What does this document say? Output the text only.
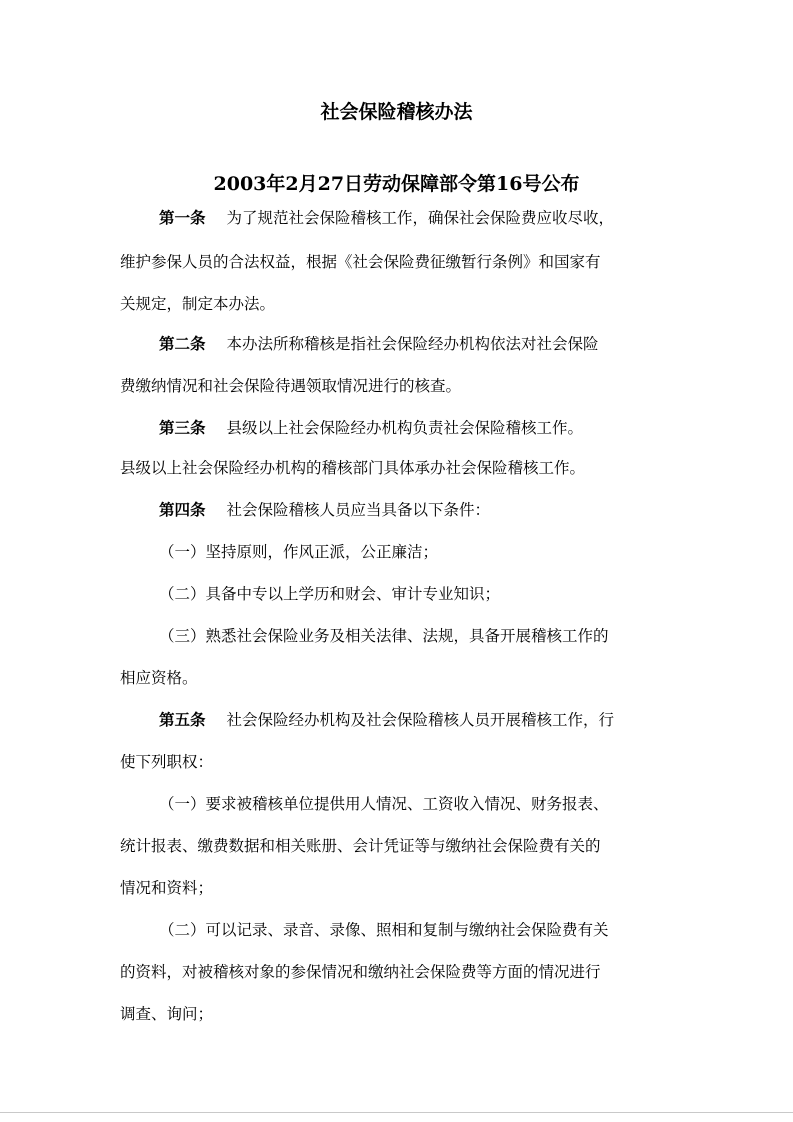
社会保险稽核办法
2003年2月27日劳动保障部令第16号公布
第一条 为了规范社会保险稽核工作，确保社会保险费应收尽收，
维护参保人员的合法权益，根据《社会保险费征缴暂行条例》和国家有
关规定，制定本办法。
第二条 本办法所称稽核是指社会保险经办机构依法对社会保险
费缴纳情况和社会保险待遇领取情况进行的核查。
第三条 县级以上社会保险经办机构负责社会保险稽核工作。
县级以上社会保险经办机构的稽核部门具体承办社会保险稽核工作。
第四条 社会保险稽核人员应当具备以下条件：
（一）坚持原则，作风正派，公正廉洁；
（二）具备中专以上学历和财会、审计专业知识；
（三）熟悉社会保险业务及相关法律、法规，具备开展稽核工作的
相应资格。
第五条 社会保险经办机构及社会保险稽核人员开展稽核工作，行
使下列职权：
（一）要求被稽核单位提供用人情况、工资收入情况、财务报表、
统计报表、缴费数据和相关账册、会计凭证等与缴纳社会保险费有关的
情况和资料；
（二）可以记录、录音、录像、照相和复制与缴纳社会保险费有关
的资料，对被稽核对象的参保情况和缴纳社会保险费等方面的情况进行
调查、询问；
